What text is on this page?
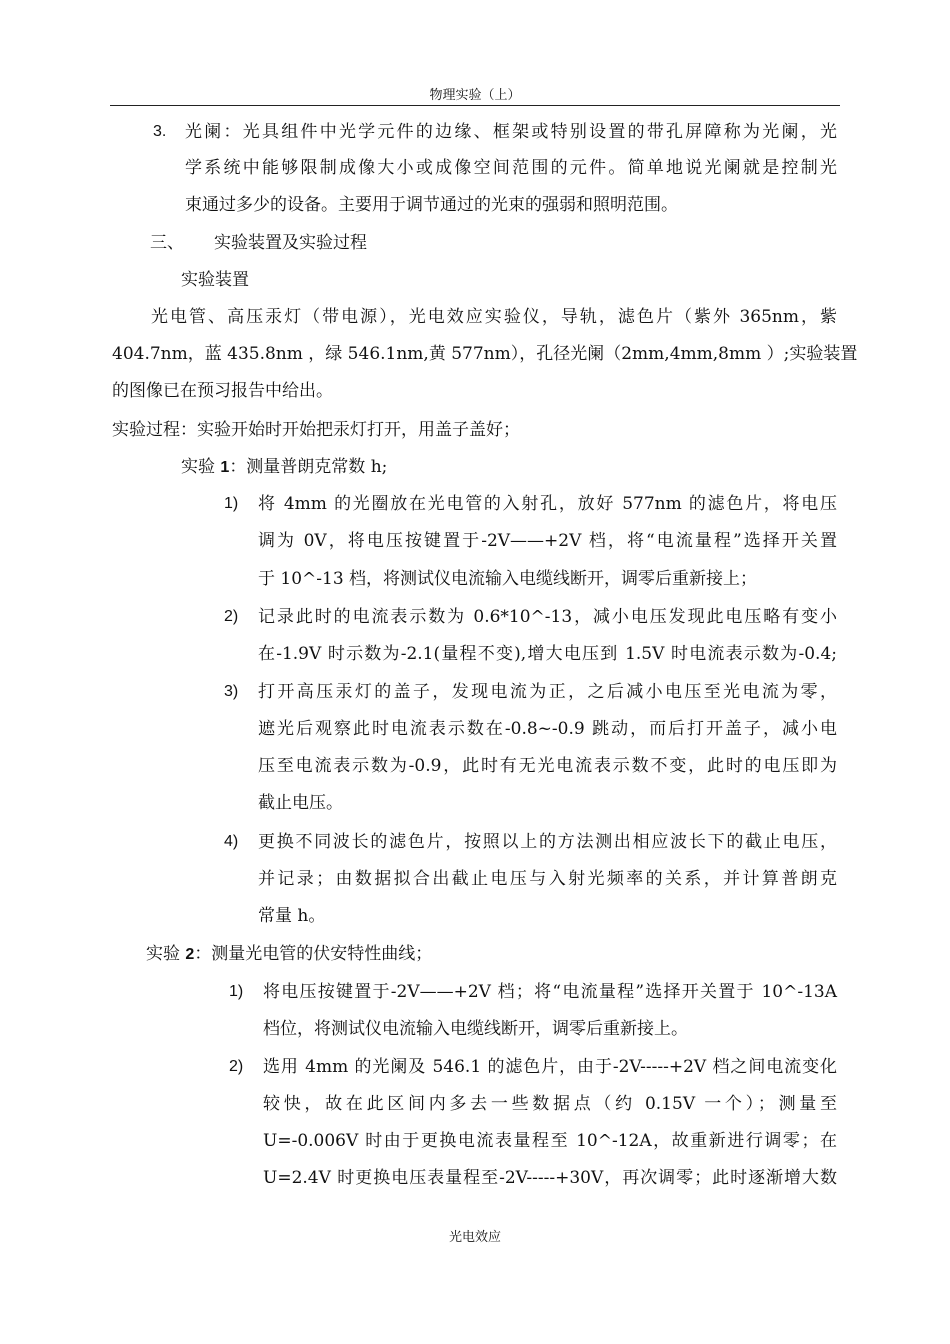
物理实验（上）
3. 光阑：光具组件中光学元件的边缘、框架或特别设置的带孔屏障称为光阑，光
学系统中能够限制成像大小或成像空间范围的元件。简单地说光阑就是控制光
束通过多少的设备。主要用于调节通过的光束的强弱和照明范围。
三、 实验装置及实验过程
实验装置
光电管、高压汞灯（带电源），光电效应实验仪，导轨，滤色片（紫外 365nm，紫
404.7nm，蓝 435.8nm ，绿 546.1nm,黄 577nm），孔径光阑（2mm,4mm,8mm ）;实验装置
的图像已在预习报告中给出。
实验过程：实验开始时开始把汞灯打开，用盖子盖好；
实验 1：测量普朗克常数 h;
1) 将 4mm 的光圈放在光电管的入射孔，放好 577nm 的滤色片，将电压
调为 0V，将电压按键置于-2V——+2V 档，将“电流量程”选择开关置
于 10^-13 档，将测试仪电流输入电缆线断开，调零后重新接上；
2) 记录此时的电流表示数为 0.6*10^-13，减小电压发现此电压略有变小
在-1.9V 时示数为-2.1(量程不变),增大电压到 1.5V 时电流表示数为-0.4;
3) 打开高压汞灯的盖子，发现电流为正，之后减小电压至光电流为零，
遮光后观察此时电流表示数在-0.8~-0.9 跳动，而后打开盖子，减小电
压至电流表示数为-0.9，此时有无光电流表示数不变，此时的电压即为
截止电压。
4) 更换不同波长的滤色片，按照以上的方法测出相应波长下的截止电压，
并记录；由数据拟合出截止电压与入射光频率的关系，并计算普朗克
常量 h。
实验 2：测量光电管的伏安特性曲线；
1) 将电压按键置于-2V——+2V 档；将“电流量程”选择开关置于 10^-13A
档位，将测试仪电流输入电缆线断开，调零后重新接上。
2) 选用 4mm 的光阑及 546.1 的滤色片，由于-2V-----+2V 档之间电流变化
较快，故在此区间内多去一些数据点（约 0.15V 一个）；测量至
U=-0.006V 时由于更换电流表量程至 10^-12A，故重新进行调零；在
U=2.4V 时更换电压表量程至-2V-----+30V，再次调零；此时逐渐增大数
光电效应
